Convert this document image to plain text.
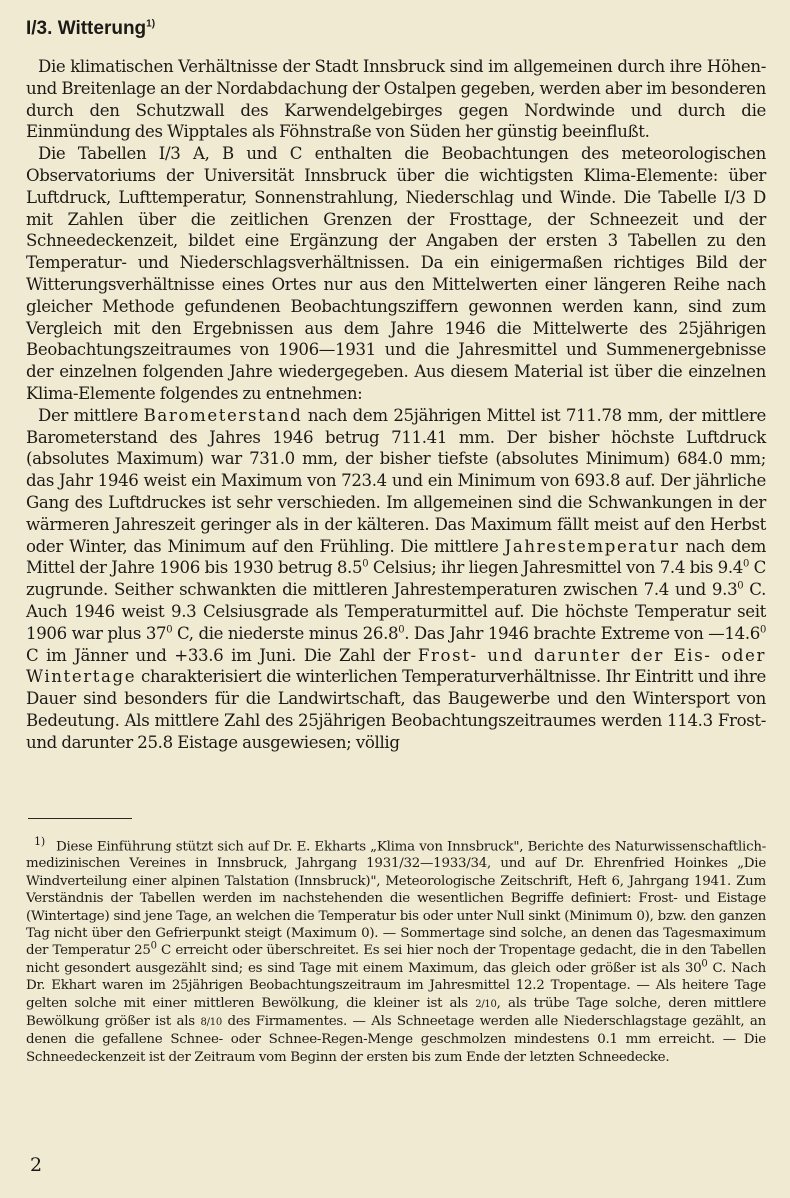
I/3. Witterung$^{1)}$

Die klimatischen Verhältnisse der Stadt Innsbruck sind im allgemeinen durch ihre Höhen- und Breitenlage an der Nordabdachung der Ostalpen gegeben, werden aber im besonderen durch den Schutzwall des Karwendelgebirges gegen Nordwinde und durch die Einmündung des Wipptales als Föhnstraße von Süden her günstig beeinflußt.

Die Tabellen I/3 A, B und C enthalten die Beobachtungen des meteorologischen Observatoriums der Universität Innsbruck über die wichtigsten Klima-Elemente: über Luftdruck, Lufttemperatur, Sonnenstrahlung, Niederschlag und Winde. Die Tabelle I/3 D mit Zahlen über die zeitlichen Grenzen der Frosttage, der Schneezeit und der Schneedeckenzeit, bildet eine Ergänzung der Angaben der ersten 3 Tabellen zu den Temperatur- und Niederschlagsverhältnissen. Da ein einigermaßen richtiges Bild der Witterungsverhältnisse eines Ortes nur aus den Mittelwerten einer längeren Reihe nach gleicher Methode gefundenen Beobachtungsziffern gewonnen werden kann, sind zum Vergleich mit den Ergebnissen aus dem Jahre 1946 die Mittelwerte des 25jährigen Beobachtungszeitraumes von 1906—1931 und die Jahresmittel und Summenergebnisse der einzelnen folgenden Jahre wiedergegeben. Aus diesem Material ist über die einzelnen Klima-Elemente folgendes zu entnehmen:

Der mittlere Barometerstand nach dem 25jährigen Mittel ist 711.78 mm, der mittlere Barometerstand des Jahres 1946 betrug 711.41 mm. Der bisher höchste Luftdruck (absolutes Maximum) war 731.0 mm, der bisher tiefste (absolutes Minimum) 684.0 mm; das Jahr 1946 weist ein Maximum von 723.4 und ein Minimum von 693.8 auf. Der jährliche Gang des Luftdruckes ist sehr verschieden. Im allgemeinen sind die Schwankungen in der wärmeren Jahreszeit geringer als in der kälteren. Das Maximum fällt meist auf den Herbst oder Winter, das Minimum auf den Frühling. Die mittlere Jahrestemperatur nach dem Mittel der Jahre 1906 bis 1930 betrug $8.5^0$ Celsius; ihr liegen Jahresmittel von 7.4 bis $9.4^0$ C zugrunde. Seither schwankten die mittleren Jahrestemperaturen zwischen 7.4 und $9.3^0$ C. Auch 1946 weist 9.3 Celsiusgrade als Temperaturmittel auf. Die höchste Temperatur seit 1906 war plus $37^0$ C, die niederste minus 26.8$^0$. Das Jahr 1946 brachte Extreme von —14.6$^0$ C im Jänner und +33.6 im Juni. Die Zahl der Frost- und darunter der Eis- oder Wintertage charakterisiert die winterlichen Temperaturverhältnisse. Ihr Eintritt und ihre Dauer sind besonders für die Landwirtschaft, das Baugewerbe und den Wintersport von Bedeutung. Als mittlere Zahl des 25jährigen Beobachtungszeitraumes werden 114.3 Frost- und darunter 25.8 Eistage ausgewiesen; völlig

$^{1)}$ Diese Einführung stützt sich auf Dr. E. Ekharts „Klima von Innsbruck", Berichte des Naturwissenschaftlich-medizinischen Vereines in Innsbruck, Jahrgang 1931/32—1933/34, und auf Dr. Ehrenfried Hoinkes „Die Windverteilung einer alpinen Talstation (Innsbruck)", Meteorologische Zeitschrift, Heft 6, Jahrgang 1941. Zum Verständnis der Tabellen werden im nachstehenden die wesentlichen Begriffe definiert: Frost- und Eistage (Wintertage) sind jene Tage, an welchen die Temperatur bis oder unter Null sinkt (Minimum 0), bzw. den ganzen Tag nicht über den Gefrierpunkt steigt (Maximum 0). — Sommertage sind solche, an denen das Tagesmaximum der Temperatur $25^0$ C erreicht oder überschreitet. Es sei hier noch der Tropentage gedacht, die in den Tabellen nicht gesondert ausgezählt sind; es sind Tage mit einem Maximum, das gleich oder größer ist als $30^0$ C. Nach Dr. Ekhart waren im 25jährigen Beobachtungszeitraum im Jahresmittel 12.2 Tropentage. — Als heitere Tage gelten solche mit einer mittleren Bewölkung, die kleiner ist als 2/10, als trübe Tage solche, deren mittlere Bewölkung größer ist als 8/10 des Firmamentes. — Als Schneetage werden alle Niederschlagstage gezählt, an denen die gefallene Schnee- oder Schnee-Regen-Menge geschmolzen mindestens 0.1 mm erreicht. — Die Schneedeckenzeit ist der Zeitraum vom Beginn der ersten bis zum Ende der letzten Schneedecke.

2
